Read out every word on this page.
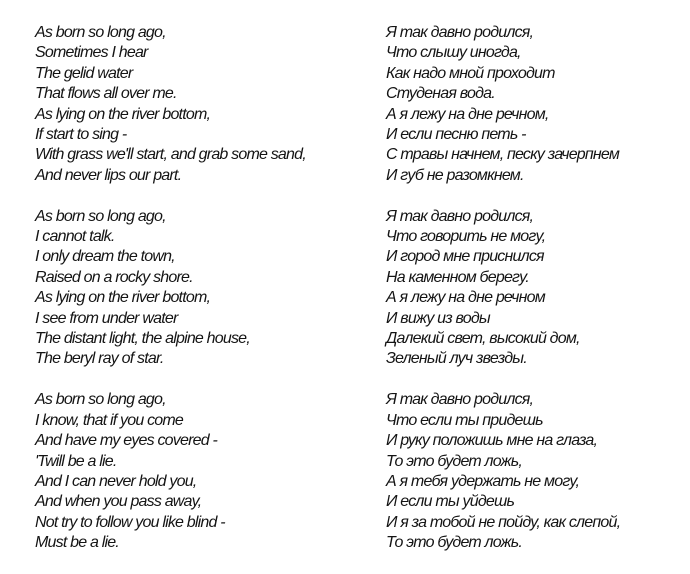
As born so long ago,
Sometimes I hear
The gelid water
That flows all over me.
As lying on the river bottom,
If start to sing -
With grass we'll start, and grab some sand,
And never lips our part.
As born so long ago,
I cannot talk.
I only dream the town,
Raised on a rocky shore.
As lying on the river bottom,
I see from under water
The distant light, the alpine house,
The beryl ray of star.
As born so long ago,
I know, that if you come
And have my eyes covered -
'Twill be a lie.
And I can never hold you,
And when you pass away,
Not try to follow you like blind -
Must be a lie.
Я так давно родился,
Что слышу иногда,
Как надо мной проходит
Студеная вода.
А я лежу на дне речном,
И если песню петь -
С травы начнем, песку зачерпнем
И губ не разомкнем.
Я так давно родился,
Что говорить не могу,
И город мне приснился
На каменном берегу.
А я лежу на дне речном
И вижу из воды
Далекий свет, высокий дом,
Зеленый луч звезды.
Я так давно родился,
Что если ты придешь
И руку положишь мне на глаза,
То это будет ложь,
А я тебя удержать не могу,
И если ты уйдешь
И я за тобой не пойду, как слепой,
То это будет ложь.
